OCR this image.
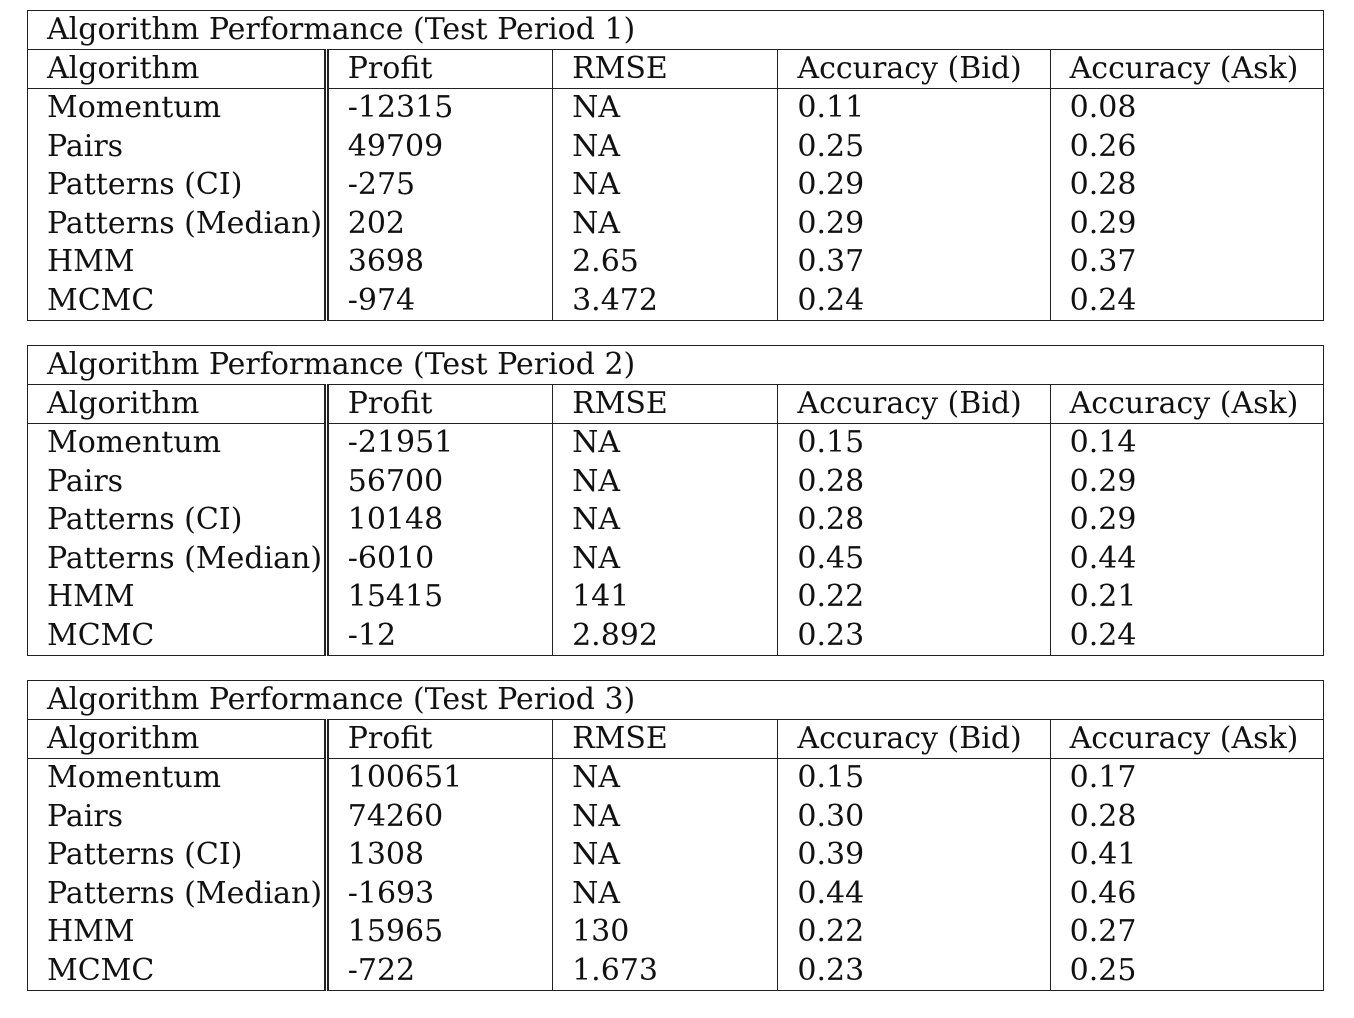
Algorithm Performance (Test Period 1)				
Algorithm	Profit	RMSE	Accuracy (Bid)	Accuracy (Ask)
Momentum	-12315	NA	0.11	0.08
Pairs	49709	NA	0.25	0.26
Patterns (CI)	-275	NA	0.29	0.28
Patterns (Median)	202	NA	0.29	0.29
HMM	3698	2.65	0.37	0.37
MCMC	-974	3.472	0.24	0.24
Algorithm Performance (Test Period 2)				
Algorithm	Profit	RMSE	Accuracy (Bid)	Accuracy (Ask)
Momentum	-21951	NA	0.15	0.14
Pairs	56700	NA	0.28	0.29
Patterns (CI)	10148	NA	0.28	0.29
Patterns (Median)	-6010	NA	0.45	0.44
HMM	15415	141	0.22	0.21
MCMC	-12	2.892	0.23	0.24
Algorithm Performance (Test Period 3)				
Algorithm	Profit	RMSE	Accuracy (Bid)	Accuracy (Ask)
Momentum	100651	NA	0.15	0.17
Pairs	74260	NA	0.30	0.28
Patterns (CI)	1308	NA	0.39	0.41
Patterns (Median)	-1693	NA	0.44	0.46
HMM	15965	130	0.22	0.27
MCMC	-722	1.673	0.23	0.25
